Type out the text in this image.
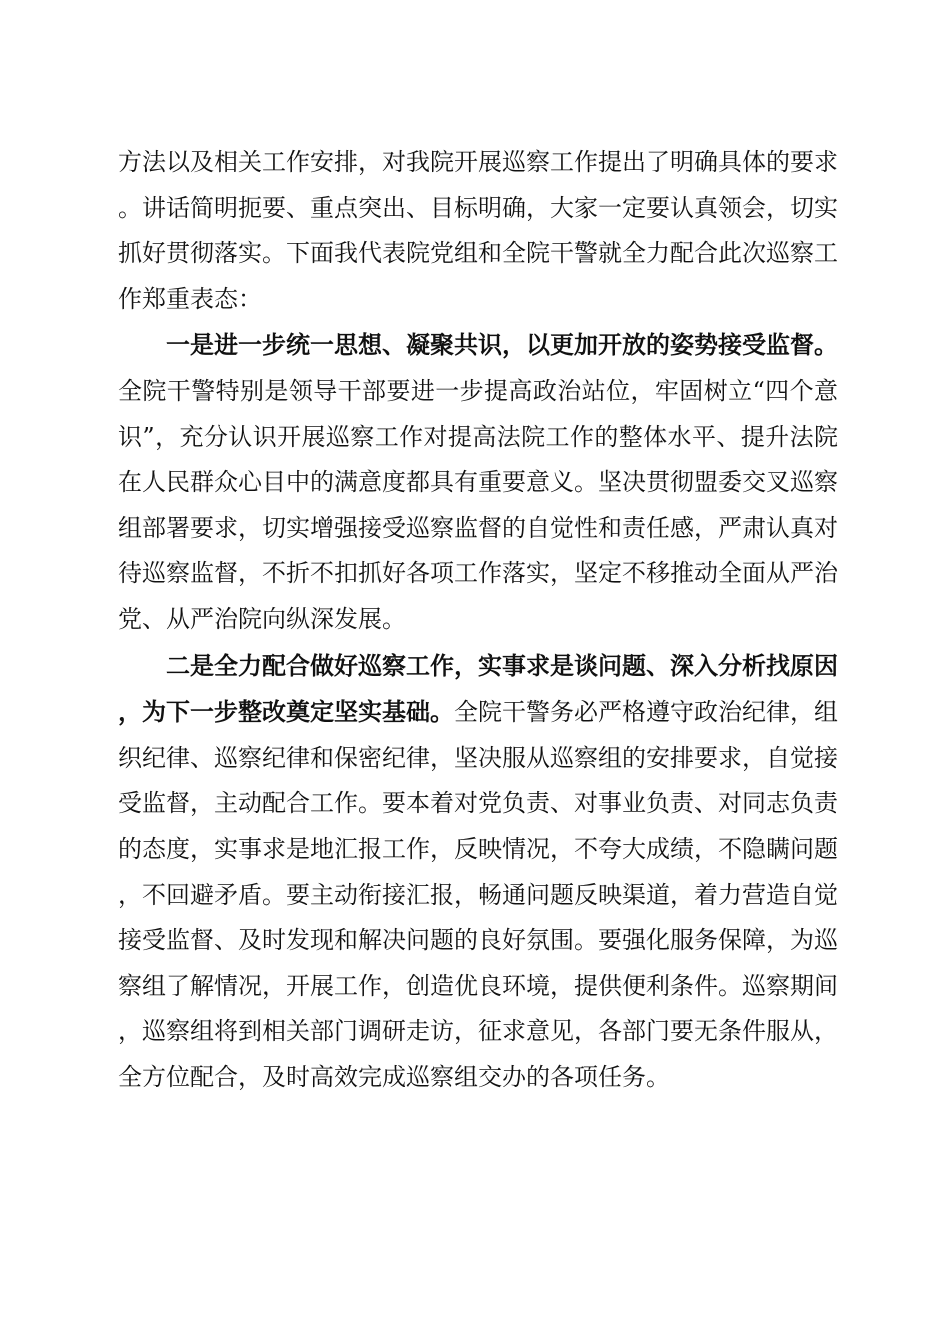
方法以及相关工作安排，对我院开展巡察工作提出了明确具体的要求。讲话简明扼要、重点突出、目标明确，大家一定要认真领会，切实抓好贯彻落实。下面我代表院党组和全院干警就全力配合此次巡察工作郑重表态：

一是进一步统一思想、凝聚共识，以更加开放的姿势接受监督。全院干警特别是领导干部要进一步提高政治站位，牢固树立“四个意识”，充分认识开展巡察工作对提高法院工作的整体水平、提升法院在人民群众心目中的满意度都具有重要意义。坚决贯彻盟委交叉巡察组部署要求，切实增强接受巡察监督的自觉性和责任感，严肃认真对待巡察监督，不折不扣抓好各项工作落实，坚定不移推动全面从严治党、从严治院向纵深发展。

二是全力配合做好巡察工作，实事求是谈问题、深入分析找原因，为下一步整改奠定坚实基础。全院干警务必严格遵守政治纪律，组织纪律、巡察纪律和保密纪律，坚决服从巡察组的安排要求，自觉接受监督，主动配合工作。要本着对党负责、对事业负责、对同志负责的态度，实事求是地汇报工作，反映情况，不夸大成绩，不隐瞒问题，不回避矛盾。要主动衔接汇报，畅通问题反映渠道，着力营造自觉接受监督、及时发现和解决问题的良好氛围。要强化服务保障，为巡察组了解情况，开展工作，创造优良环境，提供便利条件。巡察期间，巡察组将到相关部门调研走访，征求意见，各部门要无条件服从，全方位配合，及时高效完成巡察组交办的各项任务。
